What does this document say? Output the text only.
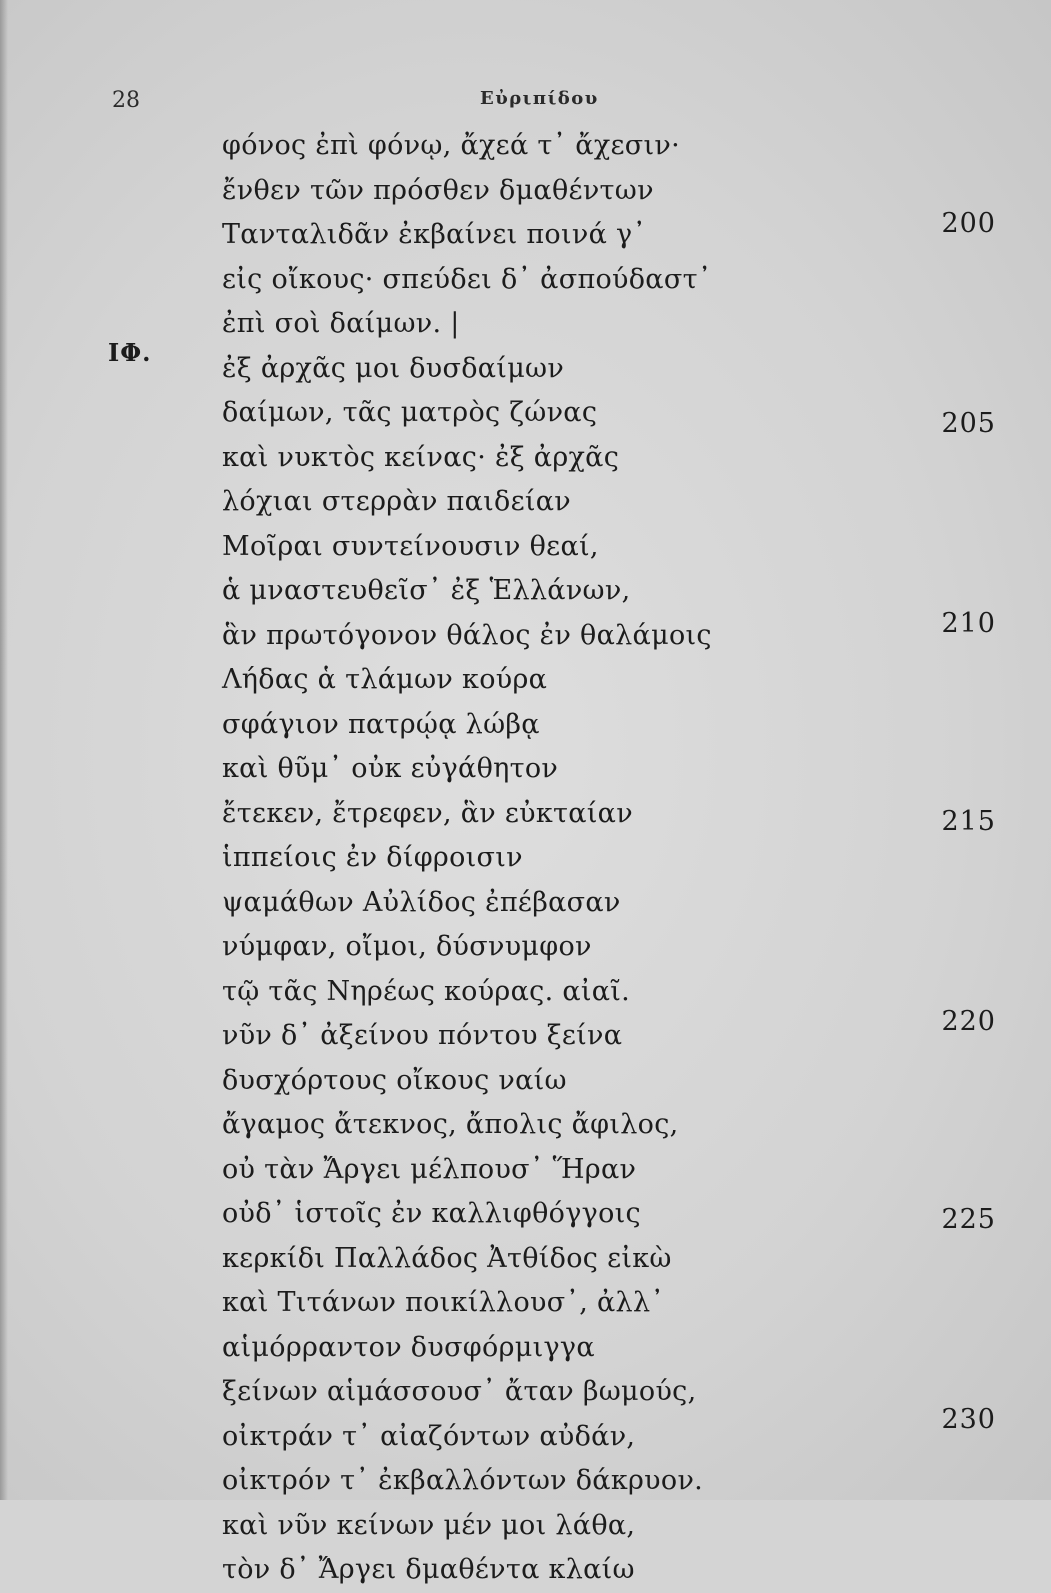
28	Εὐριπίδου
ΙΦ.
φόνος ἐπὶ φόνῳ, ἄχεά τ᾽ ἄχεσιν·
ἔνθεν τῶν πρόσθεν δμαθέντων
Τανταλιδᾶν ἐκβαίνει ποινά γ᾽
εἰς οἴκους· σπεύδει δ᾽ ἀσπούδαστ᾽
ἐπὶ σοὶ δαίμων. |
ἐξ ἀρχᾶς μοι δυσδαίμων
δαίμων, τᾶς ματρὸς ζώνας
καὶ νυκτὸς κείνας· ἐξ ἀρχᾶς
λόχιαι στερρὰν παιδείαν
Μοῖραι συντείνουσιν θεαί,
ἁ μναστευθεῖσ᾽ ἐξ Ἑλλάνων,
ἃν πρωτόγονον θάλος ἐν θαλάμοις
Λήδας ἁ τλάμων κούρα
σφάγιον πατρῴᾳ λώβᾳ
καὶ θῦμ᾽ οὐκ εὐγάθητον
ἔτεκεν, ἔτρεφεν, ἃν εὐκταίαν
ἱππείοις ἐν δίφροισιν
ψαμάθων Αὐλίδος ἐπέβασαν
νύμφαν, οἴμοι, δύσνυμφον
τῷ τᾶς Νηρέως κούρας. αἰαῖ.
νῦν δ᾽ ἀξείνου πόντου ξείνα
δυσχόρτους οἴκους ναίω
ἄγαμος ἄτεκνος, ἄπολις ἄφιλος,
οὐ τὰν Ἄργει μέλπουσ᾽ Ἥραν
οὐδ᾽ ἱστοῖς ἐν καλλιφθόγγοις
κερκίδι Παλλάδος Ἀτθίδος εἰκὼ
καὶ Τιτάνων ποικίλλουσ᾽, ἀλλ᾽
αἱμόρραντον δυσφόρμιγγα
ξείνων αἱμάσσουσ᾽ ἄταν βωμούς,
οἰκτράν τ᾽ αἰαζόντων αὐδάν,
οἰκτρόν τ᾽ ἐκβαλλόντων δάκρυον.
καὶ νῦν κείνων μέν μοι λάθα,
τὸν δ᾽ Ἄργει δμαθέντα κλαίω
200
205
210
215
220
225
230
